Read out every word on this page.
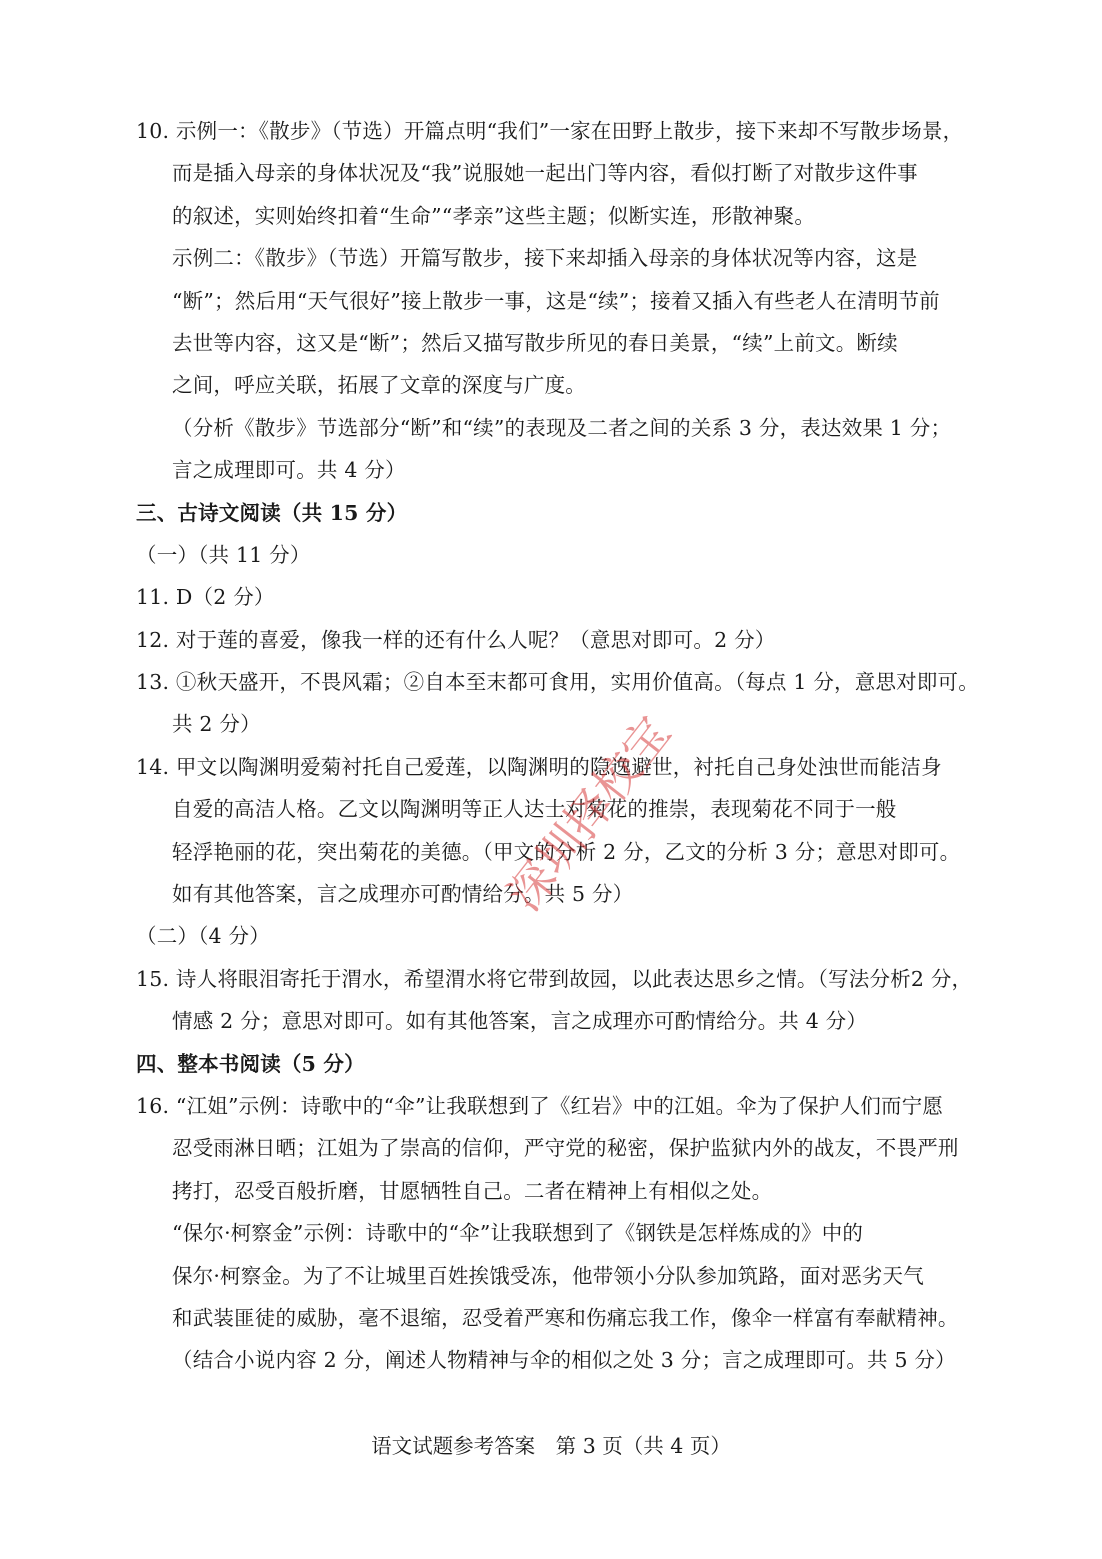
10. 示例一：《散步》（节选）开篇点明“我们”一家在田野上散步，接下来却不写散步场景，
而是插入母亲的身体状况及“我”说服她一起出门等内容，看似打断了对散步这件事
的叙述，实则始终扣着“生命”“孝亲”这些主题；似断实连，形散神聚。
示例二：《散步》（节选）开篇写散步，接下来却插入母亲的身体状况等内容，这是
“断”；然后用“天气很好”接上散步一事，这是“续”；接着又插入有些老人在清明节前
去世等内容，这又是“断”；然后又描写散步所见的春日美景，“续”上前文。断续
之间，呼应关联，拓展了文章的深度与广度。
（分析《散步》节选部分“断”和“续”的表现及二者之间的关系 3 分，表达效果 1 分；
言之成理即可。共 4 分）
三、古诗文阅读（共 15 分）
（一）（共 11 分）
11. D（2 分）
12. 对于莲的喜爱，像我一样的还有什么人呢？（意思对即可。2 分）
13. ①秋天盛开，不畏风霜；②自本至末都可食用，实用价值高。（每点 1 分，意思对即可。
共 2 分）
14. 甲文以陶渊明爱菊衬托自己爱莲，以陶渊明的隐逸避世，衬托自己身处浊世而能洁身
自爱的高洁人格。乙文以陶渊明等正人达士对菊花的推崇，表现菊花不同于一般
轻浮艳丽的花，突出菊花的美德。（甲文的分析 2 分，乙文的分析 3 分；意思对即可。
如有其他答案，言之成理亦可酌情给分。共 5 分）
（二）（4 分）
15. 诗人将眼泪寄托于渭水，希望渭水将它带到故园，以此表达思乡之情。（写法分析2 分，
情感 2 分；意思对即可。如有其他答案，言之成理亦可酌情给分。共 4 分）
四、整本书阅读（5 分）
16. “江姐”示例：诗歌中的“伞”让我联想到了《红岩》中的江姐。伞为了保护人们而宁愿
忍受雨淋日晒；江姐为了崇高的信仰，严守党的秘密，保护监狱内外的战友，不畏严刑
拷打，忍受百般折磨，甘愿牺牲自己。二者在精神上有相似之处。
“保尔·柯察金”示例：诗歌中的“伞”让我联想到了《钢铁是怎样炼成的》中的
保尔·柯察金。为了不让城里百姓挨饿受冻，他带领小分队参加筑路，面对恶劣天气
和武装匪徒的威胁，毫不退缩，忍受着严寒和伤痛忘我工作，像伞一样富有奉献精神。
（结合小说内容 2 分，阐述人物精神与伞的相似之处 3 分；言之成理即可。共 5 分）
语文试题参考答案　第 3 页（共 4 页）
深圳择校宝
